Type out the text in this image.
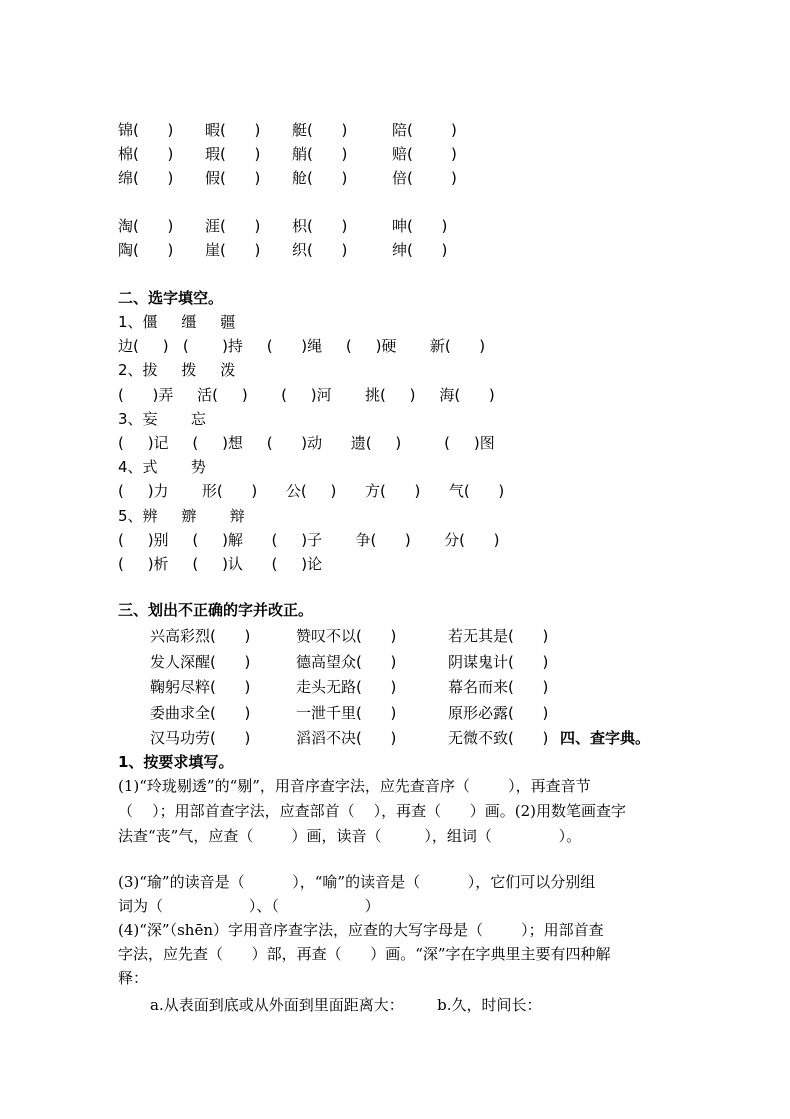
锦(      ) 暇(      ) 艇(      )	陪(        )
棉(      ) 瑕(      ) 艄(      )	赔(        )
绵(      ) 假(      ) 舱(      )	倍(        )
淘(      ) 涯(      ) 枳(      )	呻(      )
陶(      ) 崖(      ) 织(      )	绅(      )
二、选字填空。
1、僵     缰     疆
边(     )   (       )持     (      )绳     (     )硬       新(      )
2、拔     拨     泼
(      )弄     活(     )       (     )河       挑(     )     海(      )
3、妄       忘
(     )记     (     )想     (      )动      遗(     )         (     )图
4、式       势
(     )力       形(      )      公(     )      方(      )      气(      )
5、辨     辧       辩
(     )别     (     )解      (     )子       争(      )       分(      )
(     )析     (     )认      (     )论
三、划出不正确的字并改正。
兴高彩烈(      )	赞叹不以(      )	若无其是(      )
发人深醒(      )	德高望众(      )	阴谋鬼计(      )
鞠躬尽粹(      )	走头无路(      )	幕名而来(      )
委曲求全(      )	一泄千里(      )	原形必露(      )
汉马功劳(      )	滔滔不决(      )	无微不致(      ) 四、查字典。
1、按要求填写。
(1)“玲珑剔透”的“剔”，用音序查字法，应先查音序（        ），再查音节
（    ）；用部首查字法，应查部首（    ），再查（      ）画。(2)用数笔画查字
法查“丧”气，应查（        ）画，读音（         ），组词（              ）。
(3)“瑜”的读音是（          ），“喻”的读音是（          ），它们可以分别组
词为（                  ）、（                  ）
(4)“深”（shēn）字用音序查字法，应查的大写字母是（        ）；用部首查
字法，应先查（      ）部，再查（      ）画。“深”字在字典里主要有四种解
释：
a.从表面到底或从外面到里面距离大：       b.久，时间长：
